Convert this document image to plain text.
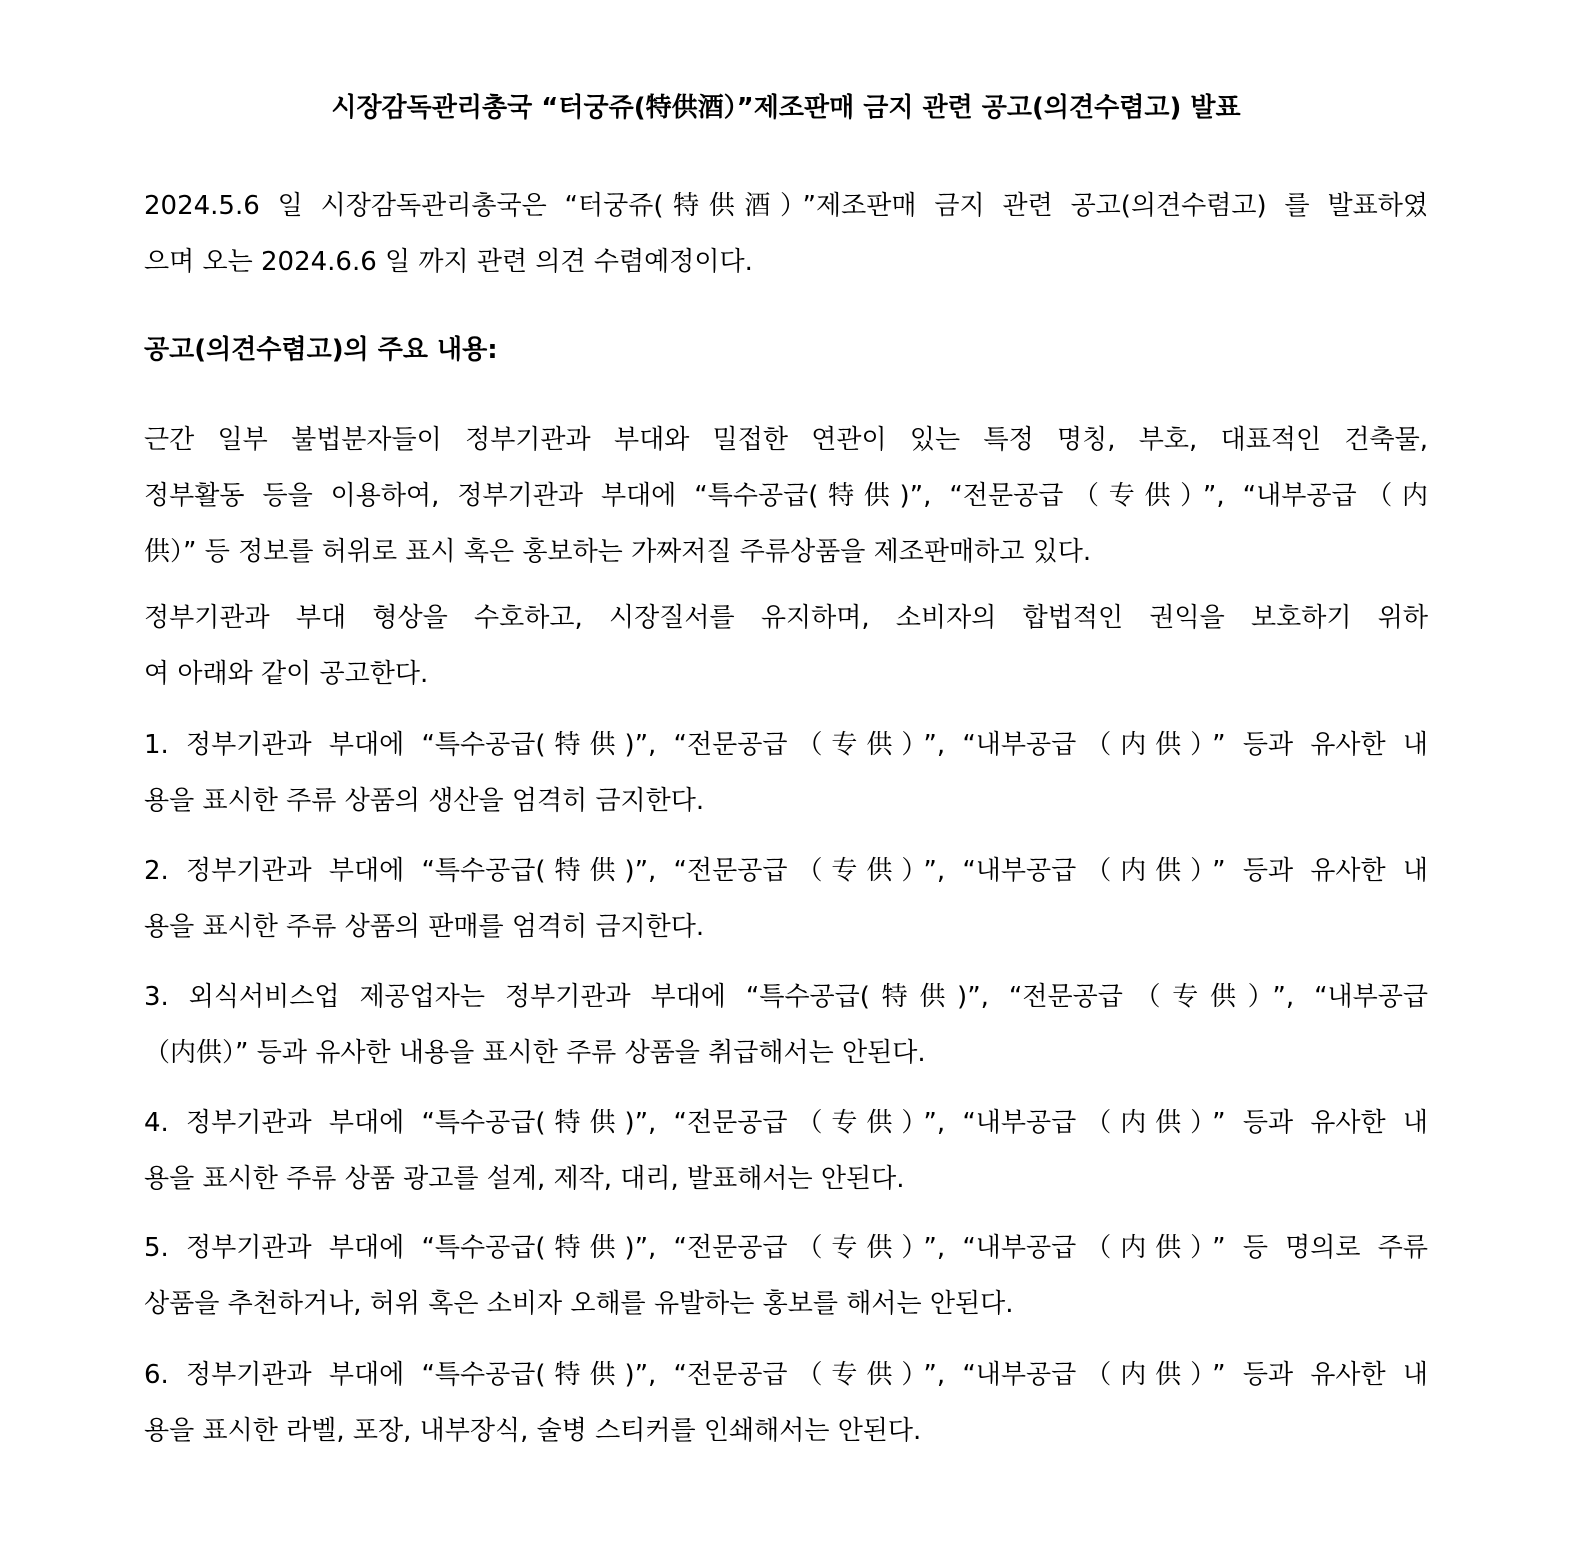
시장감독관리총국 “터궁쥬(特供酒）”제조판매 금지 관련 공고(의견수렴고) 발표

2024.5.6 일 시장감독관리총국은 “터궁쥬(特供酒）”제조판매 금지 관련 공고(의견수렴고) 를 발표하였
으며 오는 2024.6.6 일 까지 관련 의견 수렴예정이다.

공고(의견수렴고)의 주요 내용:

근간 일부 불법분자들이 정부기관과 부대와 밀접한 연관이 있는 특정 명칭, 부호, 대표적인 건축물,
정부활동 등을 이용하여, 정부기관과 부대에 “특수공급(特供)”, “전문공급（专供）”, “내부공급（内
供）” 등 정보를 허위로 표시 혹은 홍보하는 가짜저질 주류상품을 제조판매하고 있다.

정부기관과 부대 형상을 수호하고, 시장질서를 유지하며, 소비자의 합법적인 권익을 보호하기 위하
여 아래와 같이 공고한다.

1. 정부기관과 부대에 “특수공급(特供)”, “전문공급（专供）”, “내부공급（内供）” 등과 유사한 내
용을 표시한 주류 상품의 생산을 엄격히 금지한다.

2. 정부기관과 부대에 “특수공급(特供)”, “전문공급（专供）”, “내부공급（内供）” 등과 유사한 내
용을 표시한 주류 상품의 판매를 엄격히 금지한다.

3. 외식서비스업 제공업자는 정부기관과 부대에 “특수공급(特供)”, “전문공급（专供）”, “내부공급
（内供）” 등과 유사한 내용을 표시한 주류 상품을 취급해서는 안된다.

4. 정부기관과 부대에 “특수공급(特供)”, “전문공급（专供）”, “내부공급（内供）” 등과 유사한 내
용을 표시한 주류 상품 광고를 설계, 제작, 대리, 발표해서는 안된다.

5. 정부기관과 부대에 “특수공급(特供)”, “전문공급（专供）”, “내부공급（内供）” 등 명의로 주류
상품을 추천하거나, 허위 혹은 소비자 오해를 유발하는 홍보를 해서는 안된다.

6. 정부기관과 부대에 “특수공급(特供)”, “전문공급（专供）”, “내부공급（内供）” 등과 유사한 내
용을 표시한 라벨, 포장, 내부장식, 술병 스티커를 인쇄해서는 안된다.
